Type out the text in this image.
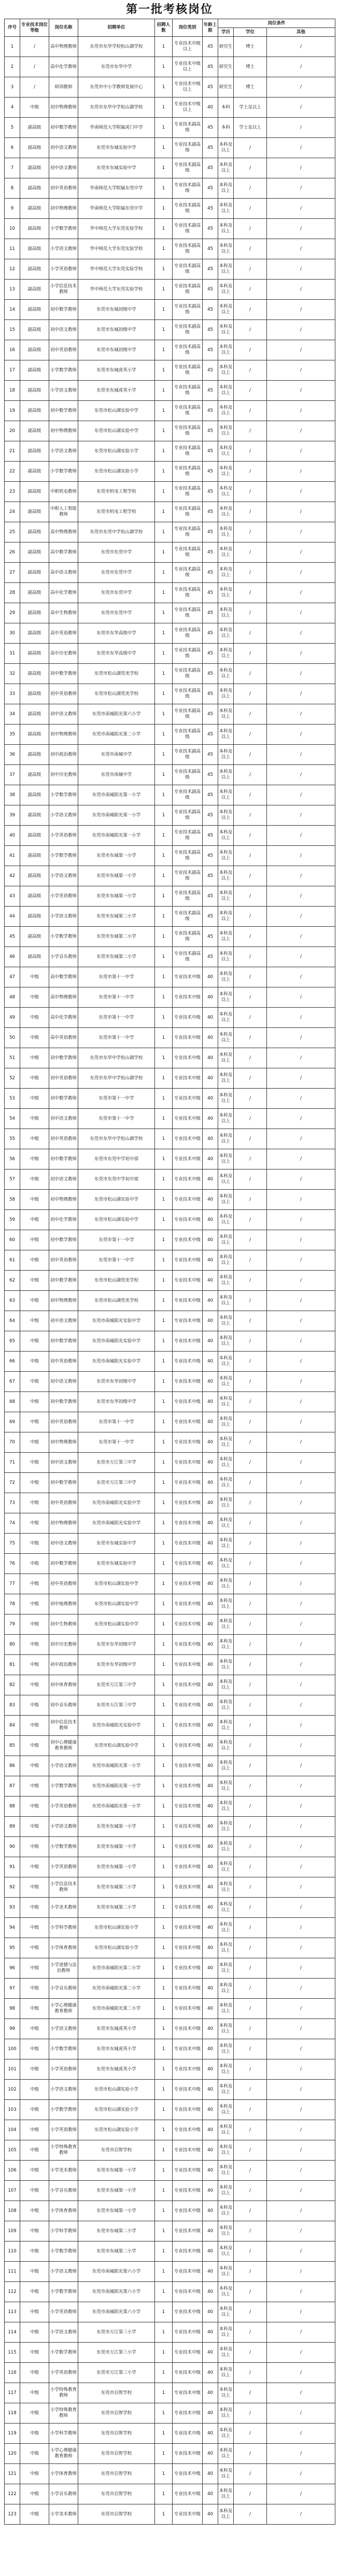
第一批考核岗位
序号	专业技术岗位等级	岗位名称	招聘单位	招聘人数	岗位类别	年龄上限	岗位条件		
							学历	学位	其他
1	/	高中物理教师	东莞市东华学校松山湖学校	1	专业技术中级以上	45	研究生	博士	/
2	/	高中化学教师	东莞市东华中学	1	专业技术中级以上	45	研究生	博士	/
3	/	研训教师	东莞市中小学教师发展中心	1	专业技术中级以上	45	研究生	博士	/
4	中级	初中物理教师	东莞市东华中学松山湖学校	1	专业技术中级以上	40	本科	学士及以上	/
5	副高级	初中数学教师	华南师范大学附属虎门中学	1	专业技术副高级	45	本科	学士及以上	/
6	副高级	初中语文教师	东莞市东城实验中学	1	专业技术副高级	45	本科及以上	/	/
7	副高级	初中语文教师	东莞市东城实验中学	1	专业技术副高级	45	本科及以上	/	/
8	副高级	初中英语教师	华南师范大学附属东莞中学	1	专业技术副高级	45	本科及以上	/	/
9	副高级	初中物理教师	华南师范大学附属东莞中学	1	专业技术副高级	45	本科及以上	/	/
10	副高级	小学数学教师	华中师范大学东莞实验学校	1	专业技术副高级	45	本科及以上	/	/
11	副高级	小学语文教师	华中师范大学东莞实验学校	1	专业技术副高级	45	本科及以上	/	/
12	副高级	小学英语教师	华中师范大学东莞实验学校	1	专业技术副高级	45	本科及以上	/	/
13	副高级	小学信息技术教师	华中师范大学东莞实验学校	1	专业技术副高级	45	本科及以上	/	/
14	副高级	初中数学教师	东莞市东城初级中学	1	专业技术副高级	45	本科及以上	/	/
15	副高级	初中语文教师	东莞市东城初级中学	1	专业技术副高级	45	本科及以上	/	/
16	副高级	初中英语教师	东莞市东城初级中学	1	专业技术副高级	45	本科及以上	/	/
17	副高级	小学数学教师	东莞市东城虎英小学	1	专业技术副高级	45	本科及以上	/	/
18	副高级	小学语文教师	东莞市东城虎英小学	1	专业技术副高级	45	本科及以上	/	/
19	副高级	初中数学教师	东莞市松山湖实验中学	1	专业技术副高级	45	本科及以上	/	/
20	副高级	初中物理教师	东莞市松山湖实验中学	1	专业技术副高级	45	本科及以上	/	/
21	副高级	小学语文教师	东莞市松山湖实验小学	1	专业技术副高级	45	本科及以上	/	/
22	副高级	小学数学教师	东莞市松山湖实验小学	1	专业技术副高级	45	本科及以上	/	/
23	副高级	中职机电教师	东莞市机电工程学校	1	专业技术副高级	45	本科及以上	/	/
24	副高级	中职人工智能教师	东莞市机电工程学校	1	专业技术副高级	45	本科及以上	/	/
25	副高级	高中物理教师	东莞市东莞中学松山湖学校	1	专业技术副高级	45	本科及以上	/	/
26	副高级	高中数学教师	东莞市东莞中学	1	专业技术副高级	45	本科及以上	/	/
27	副高级	高中语文教师	东莞市东莞中学	1	专业技术副高级	45	本科及以上	/	/
28	副高级	高中化学教师	东莞市东莞中学	1	专业技术副高级	45	本科及以上	/	/
29	副高级	高中生物教师	东莞市东莞中学	1	专业技术副高级	45	本科及以上	/	/
30	副高级	高中英语教师	东莞市东华高级中学	1	专业技术副高级	45	本科及以上	/	/
31	副高级	高中历史教师	东莞市东华高级中学	1	专业技术副高级	45	本科及以上	/	/
32	副高级	初中数学教师	东莞市松山湖莞美学校	1	专业技术副高级	45	本科及以上	/	/
33	副高级	初中英语教师	东莞市松山湖莞美学校	1	专业技术副高级	45	本科及以上	/	/
34	副高级	初中语文教师	东莞市南城阳光第六小学	1	专业技术副高级	45	本科及以上	/	/
35	副高级	初中物理教师	东莞市南城阳光第二小学	1	专业技术副高级	45	本科及以上	/	/
36	副高级	初中政治教师	东莞市南城中学	1	专业技术副高级	45	本科及以上	/	/
37	副高级	初中历史教师	东莞市南城中学	1	专业技术副高级	45	本科及以上	/	/
38	副高级	小学数学教师	东莞市南城阳光第一小学	1	专业技术副高级	45	本科及以上	/	/
39	副高级	小学语文教师	东莞市南城阳光第一小学	1	专业技术副高级	45	本科及以上	/	/
40	副高级	小学英语教师	东莞市南城阳光第一小学	1	专业技术副高级	45	本科及以上	/	/
41	副高级	小学数学教师	东莞市东城第一小学	1	专业技术副高级	45	本科及以上	/	/
42	副高级	小学语文教师	东莞市东城第一小学	1	专业技术副高级	45	本科及以上	/	/
43	副高级	小学英语教师	东莞市东城第一小学	1	专业技术副高级	45	本科及以上	/	/
44	副高级	小学语文教师	东莞市东城第二小学	1	专业技术副高级	45	本科及以上	/	/
45	副高级	小学数学教师	东莞市东城第二小学	1	专业技术副高级	45	本科及以上	/	/
46	副高级	小学音乐教师	东莞市东城第二小学	1	专业技术副高级	45	本科及以上	/	/
47	中级	高中数学教师	东莞市第十一中学	1	专业技术中级	40	本科及以上	/	/
48	中级	高中物理教师	东莞市第十一中学	1	专业技术中级	40	本科及以上	/	/
49	中级	高中化学教师	东莞市第十一中学	1	专业技术中级	40	本科及以上	/	/
50	中级	高中英语教师	东莞市第十一中学	1	专业技术中级	40	本科及以上	/	/
51	中级	初中数学教师	东莞市东华中学松山湖学校	1	专业技术中级	40	本科及以上	/	/
52	中级	初中英语教师	东莞市东华中学松山湖学校	1	专业技术中级	40	本科及以上	/	/
53	中级	初中数学教师	东莞市第十一中学	1	专业技术中级	40	本科及以上	/	/
54	中级	初中语文教师	东莞市第十一中学	1	专业技术中级	40	本科及以上	/	/
55	中级	初中英语教师	东莞市东华中学松山湖学校	1	专业技术中级	40	本科及以上	/	/
56	中级	初中数学教师	东莞市东莞中学初中部	1	专业技术中级	40	本科及以上	/	/
57	中级	初中语文教师	东莞市东莞中学初中部	1	专业技术中级	40	本科及以上	/	/
58	中级	初中物理教师	东莞市松山湖实验中学	1	专业技术中级	40	本科及以上	/	/
59	中级	初中化学教师	东莞市松山湖实验中学	1	专业技术中级	40	本科及以上	/	/
60	中级	初中数学教师	东莞市第十一中学	1	专业技术中级	40	本科及以上	/	/
61	中级	初中英语教师	东莞市第十一中学	1	专业技术中级	40	本科及以上	/	/
62	中级	初中数学教师	东莞市松山湖莞美学校	1	专业技术中级	40	本科及以上	/	/
63	中级	初中物理教师	东莞市松山湖莞美学校	1	专业技术中级	40	本科及以上	/	/
64	中级	初中语文教师	东莞市南城阳光实验中学	1	专业技术中级	40	本科及以上	/	/
65	中级	初中数学教师	东莞市南城阳光实验中学	1	专业技术中级	40	本科及以上	/	/
66	中级	初中英语教师	东莞市南城阳光实验中学	1	专业技术中级	40	本科及以上	/	/
67	中级	初中语文教师	东莞市东华初级中学	1	专业技术中级	40	本科及以上	/	/
68	中级	初中数学教师	东莞市东华初级中学	1	专业技术中级	40	本科及以上	/	/
69	中级	初中英语教师	东莞市第十一中学	1	专业技术中级	40	本科及以上	/	/
70	中级	初中物理教师	东莞市第十一中学	1	专业技术中级	40	本科及以上	/	/
71	中级	初中语文教师	东莞市万江第三中学	1	专业技术中级	40	本科及以上	/	/
72	中级	初中数学教师	东莞市万江第三中学	1	专业技术中级	40	本科及以上	/	/
73	中级	初中英语教师	东莞市南城阳光实验中学	1	专业技术中级	40	本科及以上	/	/
74	中级	初中物理教师	东莞市南城阳光实验中学	1	专业技术中级	40	本科及以上	/	/
75	中级	初中语文教师	东莞市东城实验中学	1	专业技术中级	40	本科及以上	/	/
76	中级	初中数学教师	东莞市东城实验中学	1	专业技术中级	40	本科及以上	/	/
77	中级	初中英语教师	东莞市松山湖实验中学	1	专业技术中级	40	本科及以上	/	/
78	中级	初中地理教师	东莞市松山湖实验中学	1	专业技术中级	40	本科及以上	/	/
79	中级	初中生物教师	东莞市松山湖实验中学	1	专业技术中级	40	本科及以上	/	/
80	中级	初中历史教师	东莞市东华初级中学	1	专业技术中级	40	本科及以上	/	/
81	中级	初中政治教师	东莞市东华初级中学	1	专业技术中级	40	本科及以上	/	/
82	中级	初中体育教师	东莞市万江第三中学	1	专业技术中级	40	本科及以上	/	/
83	中级	初中音乐教师	东莞市万江第三中学	1	专业技术中级	40	本科及以上	/	/
84	中级	初中信息技术教师	东莞市南城阳光实验中学	1	专业技术中级	40	本科及以上	/	/
85	中级	初中心理健康教育教师	东莞市松山湖实验中学	1	专业技术中级	40	本科及以上	/	/
86	中级	小学语文教师	东莞市南城阳光第一小学	1	专业技术中级	40	本科及以上	/	/
87	中级	小学数学教师	东莞市南城阳光第一小学	1	专业技术中级	40	本科及以上	/	/
88	中级	小学英语教师	东莞市南城阳光第一小学	1	专业技术中级	40	本科及以上	/	/
89	中级	小学语文教师	东莞市东城第一小学	1	专业技术中级	40	本科及以上	/	/
90	中级	小学数学教师	东莞市东城第一小学	1	专业技术中级	40	本科及以上	/	/
91	中级	小学英语教师	东莞市东城第一小学	1	专业技术中级	40	本科及以上	/	/
92	中级	小学信息技术教师	东莞市东城第二小学	1	专业技术中级	40	本科及以上	/	/
93	中级	小学美术教师	东莞市东城第二小学	1	专业技术中级	40	本科及以上	/	/
94	中级	小学科学教师	东莞市松山湖实验小学	1	专业技术中级	40	本科及以上	/	/
95	中级	小学体育教师	东莞市松山湖实验小学	1	专业技术中级	40	本科及以上	/	/
96	中级	小学道德与法治教师	东莞市南城阳光第二小学	1	专业技术中级	40	本科及以上	/	/
97	中级	小学音乐教师	东莞市南城阳光第二小学	1	专业技术中级	40	本科及以上	/	/
98	中级	小学心理健康教育教师	东莞市南城阳光第二小学	1	专业技术中级	40	本科及以上	/	/
99	中级	小学语文教师	东莞市东城虎英小学	1	专业技术中级	40	本科及以上	/	/
100	中级	小学数学教师	东莞市东城虎英小学	1	专业技术中级	40	本科及以上	/	/
101	中级	小学英语教师	东莞市东城虎英小学	1	专业技术中级	40	本科及以上	/	/
102	中级	小学语文教师	东莞市松山湖实验小学	1	专业技术中级	40	本科及以上	/	/
103	中级	小学数学教师	东莞市松山湖实验小学	1	专业技术中级	40	本科及以上	/	/
104	中级	小学英语教师	东莞市松山湖实验小学	1	专业技术中级	40	本科及以上	/	/
105	中级	小学特殊教育教师	东莞市启智学校	1	专业技术中级	40	本科及以上	/	/
106	中级	小学美术教师	东莞市东城第一小学	1	专业技术中级	40	本科及以上	/	/
107	中级	小学音乐教师	东莞市东城第一小学	1	专业技术中级	40	本科及以上	/	/
108	中级	小学体育教师	东莞市东城第一小学	1	专业技术中级	40	本科及以上	/	/
109	中级	小学科学教师	东莞市东城第二小学	1	专业技术中级	40	本科及以上	/	/
110	中级	小学数学教师	东莞市东城第二小学	1	专业技术中级	40	本科及以上	/	/
111	中级	小学语文教师	东莞市南城阳光第六小学	1	专业技术中级	40	本科及以上	/	/
112	中级	小学数学教师	东莞市南城阳光第六小学	1	专业技术中级	40	本科及以上	/	/
113	中级	小学英语教师	东莞市南城阳光第六小学	1	专业技术中级	40	本科及以上	/	/
114	中级	小学语文教师	东莞市万江第三小学	1	专业技术中级	40	本科及以上	/	/
115	中级	小学数学教师	东莞市万江第三小学	1	专业技术中级	40	本科及以上	/	/
116	中级	小学英语教师	东莞市万江第三小学	1	专业技术中级	40	本科及以上	/	/
117	中级	小学特殊教育教师	东莞市启智学校	1	专业技术中级	40	本科及以上	/	/
118	中级	小学特殊教育教师	东莞市启智学校	1	专业技术中级	40	本科及以上	/	/
119	中级	小学科学教师	东莞市启智学校	1	专业技术中级	40	本科及以上	/	/
120	中级	小学心理健康教育教师	东莞市启智学校	1	专业技术中级	40	本科及以上	/	/
121	中级	小学体育教师	东莞市启智学校	1	专业技术中级	40	本科及以上	/	/
122	中级	小学音乐教师	东莞市启智学校	1	专业技术中级	40	本科及以上	/	/
123	中级	小学美术教师	东莞市启智学校	1	专业技术中级	40	本科及以上	/	/
